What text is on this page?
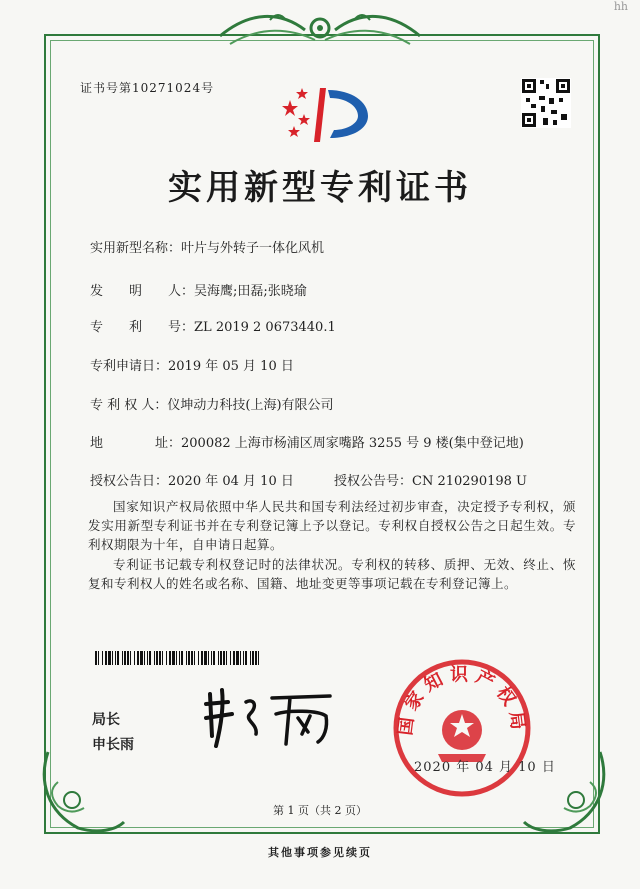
hh
证书号第10271024号
实用新型专利证书
实用新型名称：叶片与外转子一体化风机
发　　明　　人：吴海鹰;田磊;张晓瑜
专　　利　　号：ZL 2019 2 0673440.1
专利申请日：2019 年 05 月 10 日
专 利 权 人：仪坤动力科技(上海)有限公司
地　　　　址：200082 上海市杨浦区周家嘴路 3255 号 9 楼(集中登记地)
授权公告日：2020 年 04 月 10 日	授权公告号：CN 210290198 U
国家知识产权局依照中华人民共和国专利法经过初步审查，决定授予专利权，颁发实用新型专利证书并在专利登记簿上予以登记。专利权自授权公告之日起生效。专利权期限为十年，自申请日起算。
专利证书记载专利权登记时的法律状况。专利权的转移、质押、无效、终止、恢复和专利权人的姓名或名称、国籍、地址变更等事项记载在专利登记簿上。
局长
申长雨
国家知识产权局
2020 年 04 月 10 日
第 1 页（共 2 页）
其他事项参见续页
